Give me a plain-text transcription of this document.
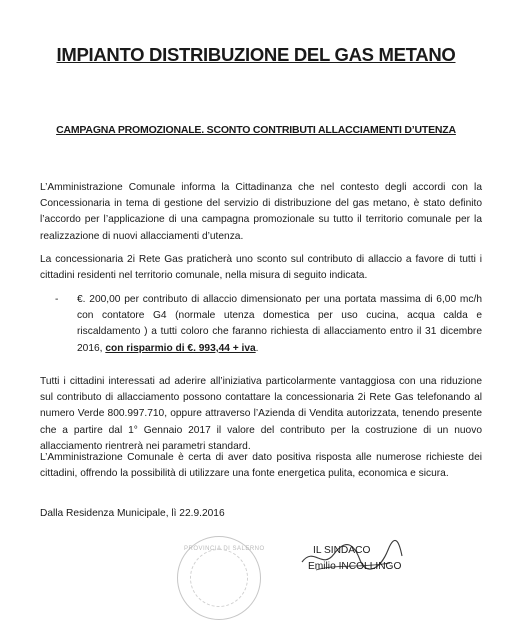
IMPIANTO DISTRIBUZIONE DEL GAS METANO
CAMPAGNA PROMOZIONALE. SCONTO CONTRIBUTI ALLACCIAMENTI D’UTENZA

L’Amministrazione Comunale informa la Cittadinanza che nel contesto degli accordi con la Concessionaria in tema di gestione del servizio di distribuzione del gas metano, è stato definito l’accordo per l’applicazione di una campagna promozionale su tutto il territorio comunale per la realizzazione di nuovi allacciamenti d’utenza.

La concessionaria 2i Rete Gas praticherà uno sconto sul contributo di allaccio a favore di tutti i cittadini residenti nel territorio comunale, nella misura di seguito indicata.

- €. 200,00 per contributo di allaccio dimensionato per una portata massima di 6,00 mc/h con contatore G4 (normale utenza domestica per uso cucina, acqua calda e riscaldamento ) a tutti coloro che faranno richiesta di allacciamento entro il 31 dicembre 2016, con risparmio di €. 993,44 + iva.

Tutti i cittadini interessati ad aderire all’iniziativa particolarmente vantaggiosa con una riduzione sul contributo di allacciamento possono contattare la concessionaria 2i Rete Gas telefonando al numero Verde 800.997.710, oppure attraverso l’Azienda di Vendita autorizzata, tenendo presente che a partire dal 1° Gennaio 2017 il valore del contributo per la costruzione di un nuovo allacciamento rientrerà nei parametri standard.

L’Amministrazione Comunale è certa di aver dato positiva risposta alle numerose richieste dei cittadini, offrendo la possibilità di utilizzare una fonte energetica pulita, economica e sicura.

Dalla Residenza Municipale, lì 22.9.2016
PROVINCIA DI SALERNO	IL SINDACO
Emilio INCOLLINGO
